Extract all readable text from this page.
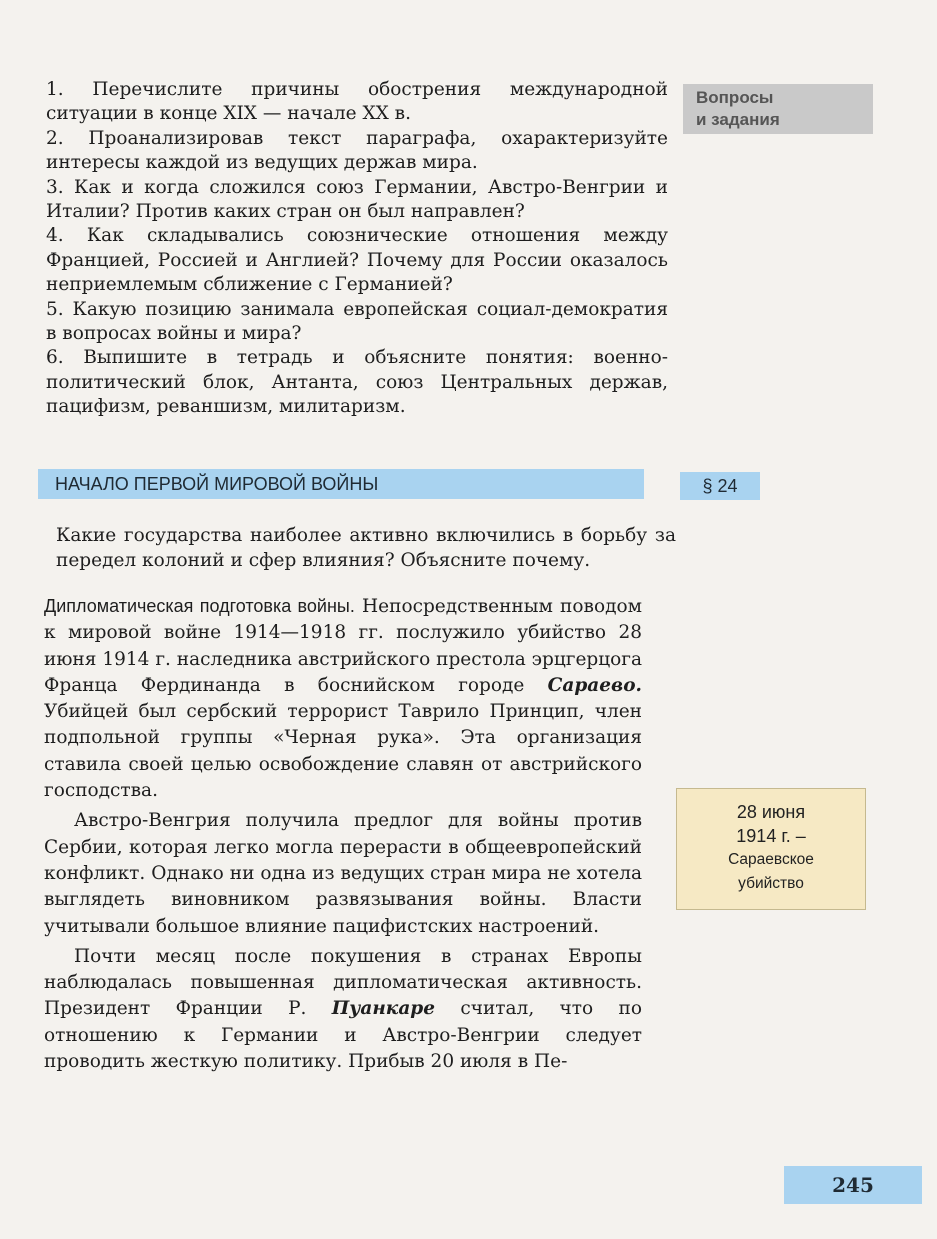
1. Перечислите причины обострения международной ситуации в конце XIX — начале XX в.

2. Проанализировав текст параграфа, охарактеризуйте интересы каждой из ведущих держав мира.

3. Как и когда сложился союз Германии, Австро-Венгрии и Италии? Против каких стран он был направлен?

4. Как складывались союзнические отношения между Францией, Россией и Англией? Почему для России оказалось неприемлемым сближение с Германией?

5. Какую позицию занимала европейская социал-демократия в вопросах войны и мира?

6. Выпишите в тетрадь и объясните понятия: военно-политический блок, Антанта, союз Центральных держав, пацифизм, реваншизм, милитаризм.

Вопросы
и задания
НАЧАЛО ПЕРВОЙ МИРОВОЙ ВОЙНЫ	§ 24
Какие государства наиболее активно включились в борьбу за передел колоний и сфер влияния? Объясните почему.

Дипломатическая подготовка войны. Непосредственным поводом к мировой войне 1914—1918 гг. послужило убийство 28 июня 1914 г. наследника австрийского престола эрцгерцога Франца Фердинанда в боснийском городе Сараево. Убийцей был сербский террорист Таврило Принцип, член подпольной группы «Черная рука». Эта организация ставила своей целью освобождение славян от австрийского господства.

Австро-Венгрия получила предлог для войны против Сербии, которая легко могла перерасти в общеевропейский конфликт. Однако ни одна из ведущих стран мира не хотела выглядеть виновником развязывания войны. Власти учитывали большое влияние пацифистских настроений.

Почти месяц после покушения в странах Европы наблюдалась повышенная дипломатическая активность. Президент Франции Р. Пуанкаре считал, что по отношению к Германии и Австро-Венгрии следует проводить жесткую политику. Прибыв 20 июля в Пе-

28 июня
1914 г. –
Сараевское
убийство
245
